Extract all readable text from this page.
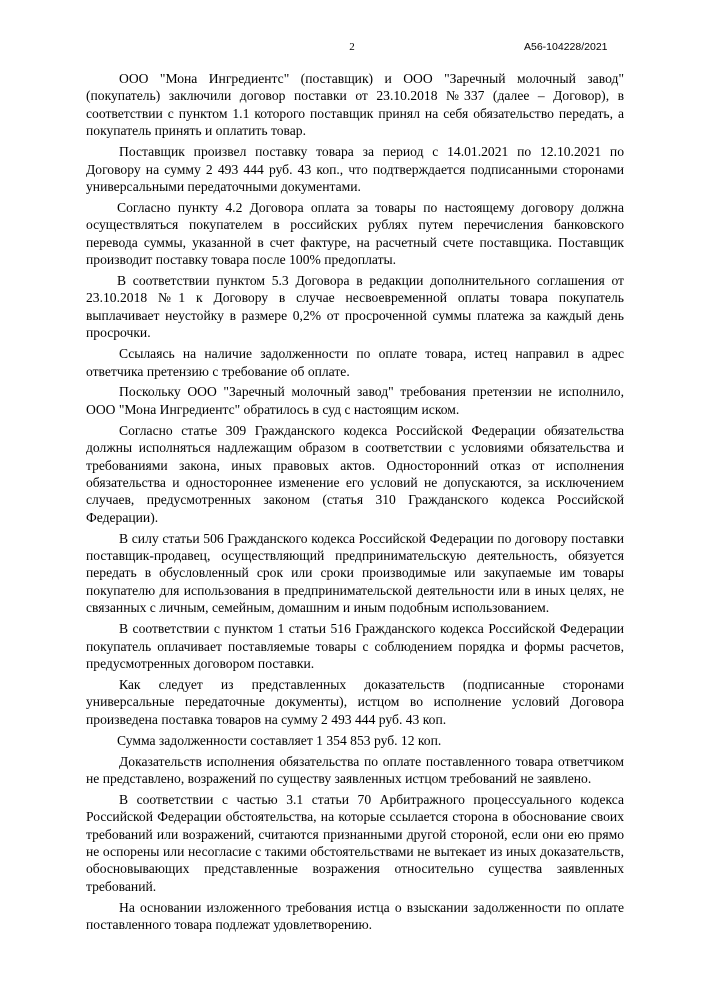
2	А56-104228/2021

ООО "Мона Ингредиентс" (поставщик) и ООО "Заречный молочный завод" (покупатель) заключили договор поставки от 23.10.2018 №337 (далее – Договор), в соответствии с пунктом 1.1 которого поставщик принял на себя обязательство передать, а покупатель принять и оплатить товар.

Поставщик произвел поставку товара за период с 14.01.2021 по 12.10.2021 по Договору на сумму 2 493 444 руб. 43 коп., что подтверждается подписанными сторонами универсальными передаточными документами.

Согласно пункту 4.2 Договора оплата за товары по настоящему договору должна осуществляться покупателем в российских рублях путем перечисления банковского перевода суммы, указанной в счет фактуре, на расчетный счете поставщика. Поставщик производит поставку товара после 100% предоплаты.

В соответствии пунктом 5.3 Договора в редакции дополнительного соглашения от 23.10.2018 №1 к Договору в случае несвоевременной оплаты товара покупатель выплачивает неустойку в размере 0,2% от просроченной суммы платежа за каждый день просрочки.

Ссылаясь на наличие задолженности по оплате товара, истец направил в адрес ответчика претензию с требование об оплате.

Поскольку ООО "Заречный молочный завод" требования претензии не исполнило, ООО "Мона Ингредиентс" обратилось в суд с настоящим иском.

Согласно статье 309 Гражданского кодекса Российской Федерации обязательства должны исполняться надлежащим образом в соответствии с условиями обязательства и требованиями закона, иных правовых актов. Односторонний отказ от исполнения обязательства и одностороннее изменение его условий не допускаются, за исключением случаев, предусмотренных законом (статья 310 Гражданского кодекса Российской Федерации).

В силу статьи 506 Гражданского кодекса Российской Федерации по договору поставки поставщик-продавец, осуществляющий предпринимательскую деятельность, обязуется передать в обусловленный срок или сроки производимые или закупаемые им товары покупателю для использования в предпринимательской деятельности или в иных целях, не связанных с личным, семейным, домашним и иным подобным использованием.

В соответствии с пунктом 1 статьи 516 Гражданского кодекса Российской Федерации покупатель оплачивает поставляемые товары с соблюдением порядка и формы расчетов, предусмотренных договором поставки.

Как следует из представленных доказательств (подписанные сторонами универсальные передаточные документы), истцом во исполнение условий Договора произведена поставка товаров на сумму 2 493 444 руб. 43 коп.

Сумма задолженности составляет 1 354 853 руб. 12 коп.

Доказательств исполнения обязательства по оплате поставленного товара ответчиком не представлено, возражений по существу заявленных истцом требований не заявлено.

В соответствии с частью 3.1 статьи 70 Арбитражного процессуального кодекса Российской Федерации обстоятельства, на которые ссылается сторона в обоснование своих требований или возражений, считаются признанными другой стороной, если они ею прямо не оспорены или несогласие с такими обстоятельствами не вытекает из иных доказательств, обосновывающих представленные возражения относительно существа заявленных требований.

На основании изложенного требования истца о взыскании задолженности по оплате поставленного товара подлежат удовлетворению.
